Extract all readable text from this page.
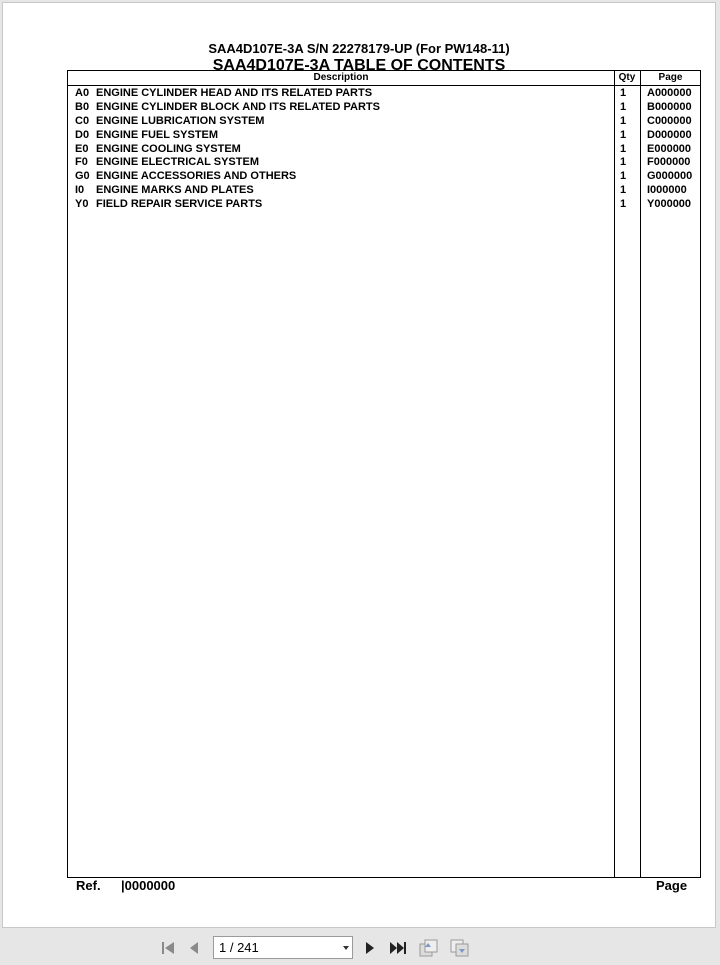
SAA4D107E-3A S/N 22278179-UP (For PW148-11)
SAA4D107E-3A TABLE OF CONTENTS
Description	Qty	Page
A0 ENGINE CYLINDER HEAD AND ITS RELATED PARTS	1 A000000
B0 ENGINE CYLINDER BLOCK AND ITS RELATED PARTS	1 B000000
C0 ENGINE LUBRICATION SYSTEM	1 C000000
D0 ENGINE FUEL SYSTEM	1 D000000
E0 ENGINE COOLING SYSTEM	1 E000000
F0 ENGINE ELECTRICAL SYSTEM	1 F000000
G0 ENGINE ACCESSORIES AND OTHERS	1 G000000
I0 ENGINE MARKS AND PLATES	1 I000000
Y0 FIELD REPAIR SERVICE PARTS	1 Y000000
Ref. |0000000	Page
1 / 241
